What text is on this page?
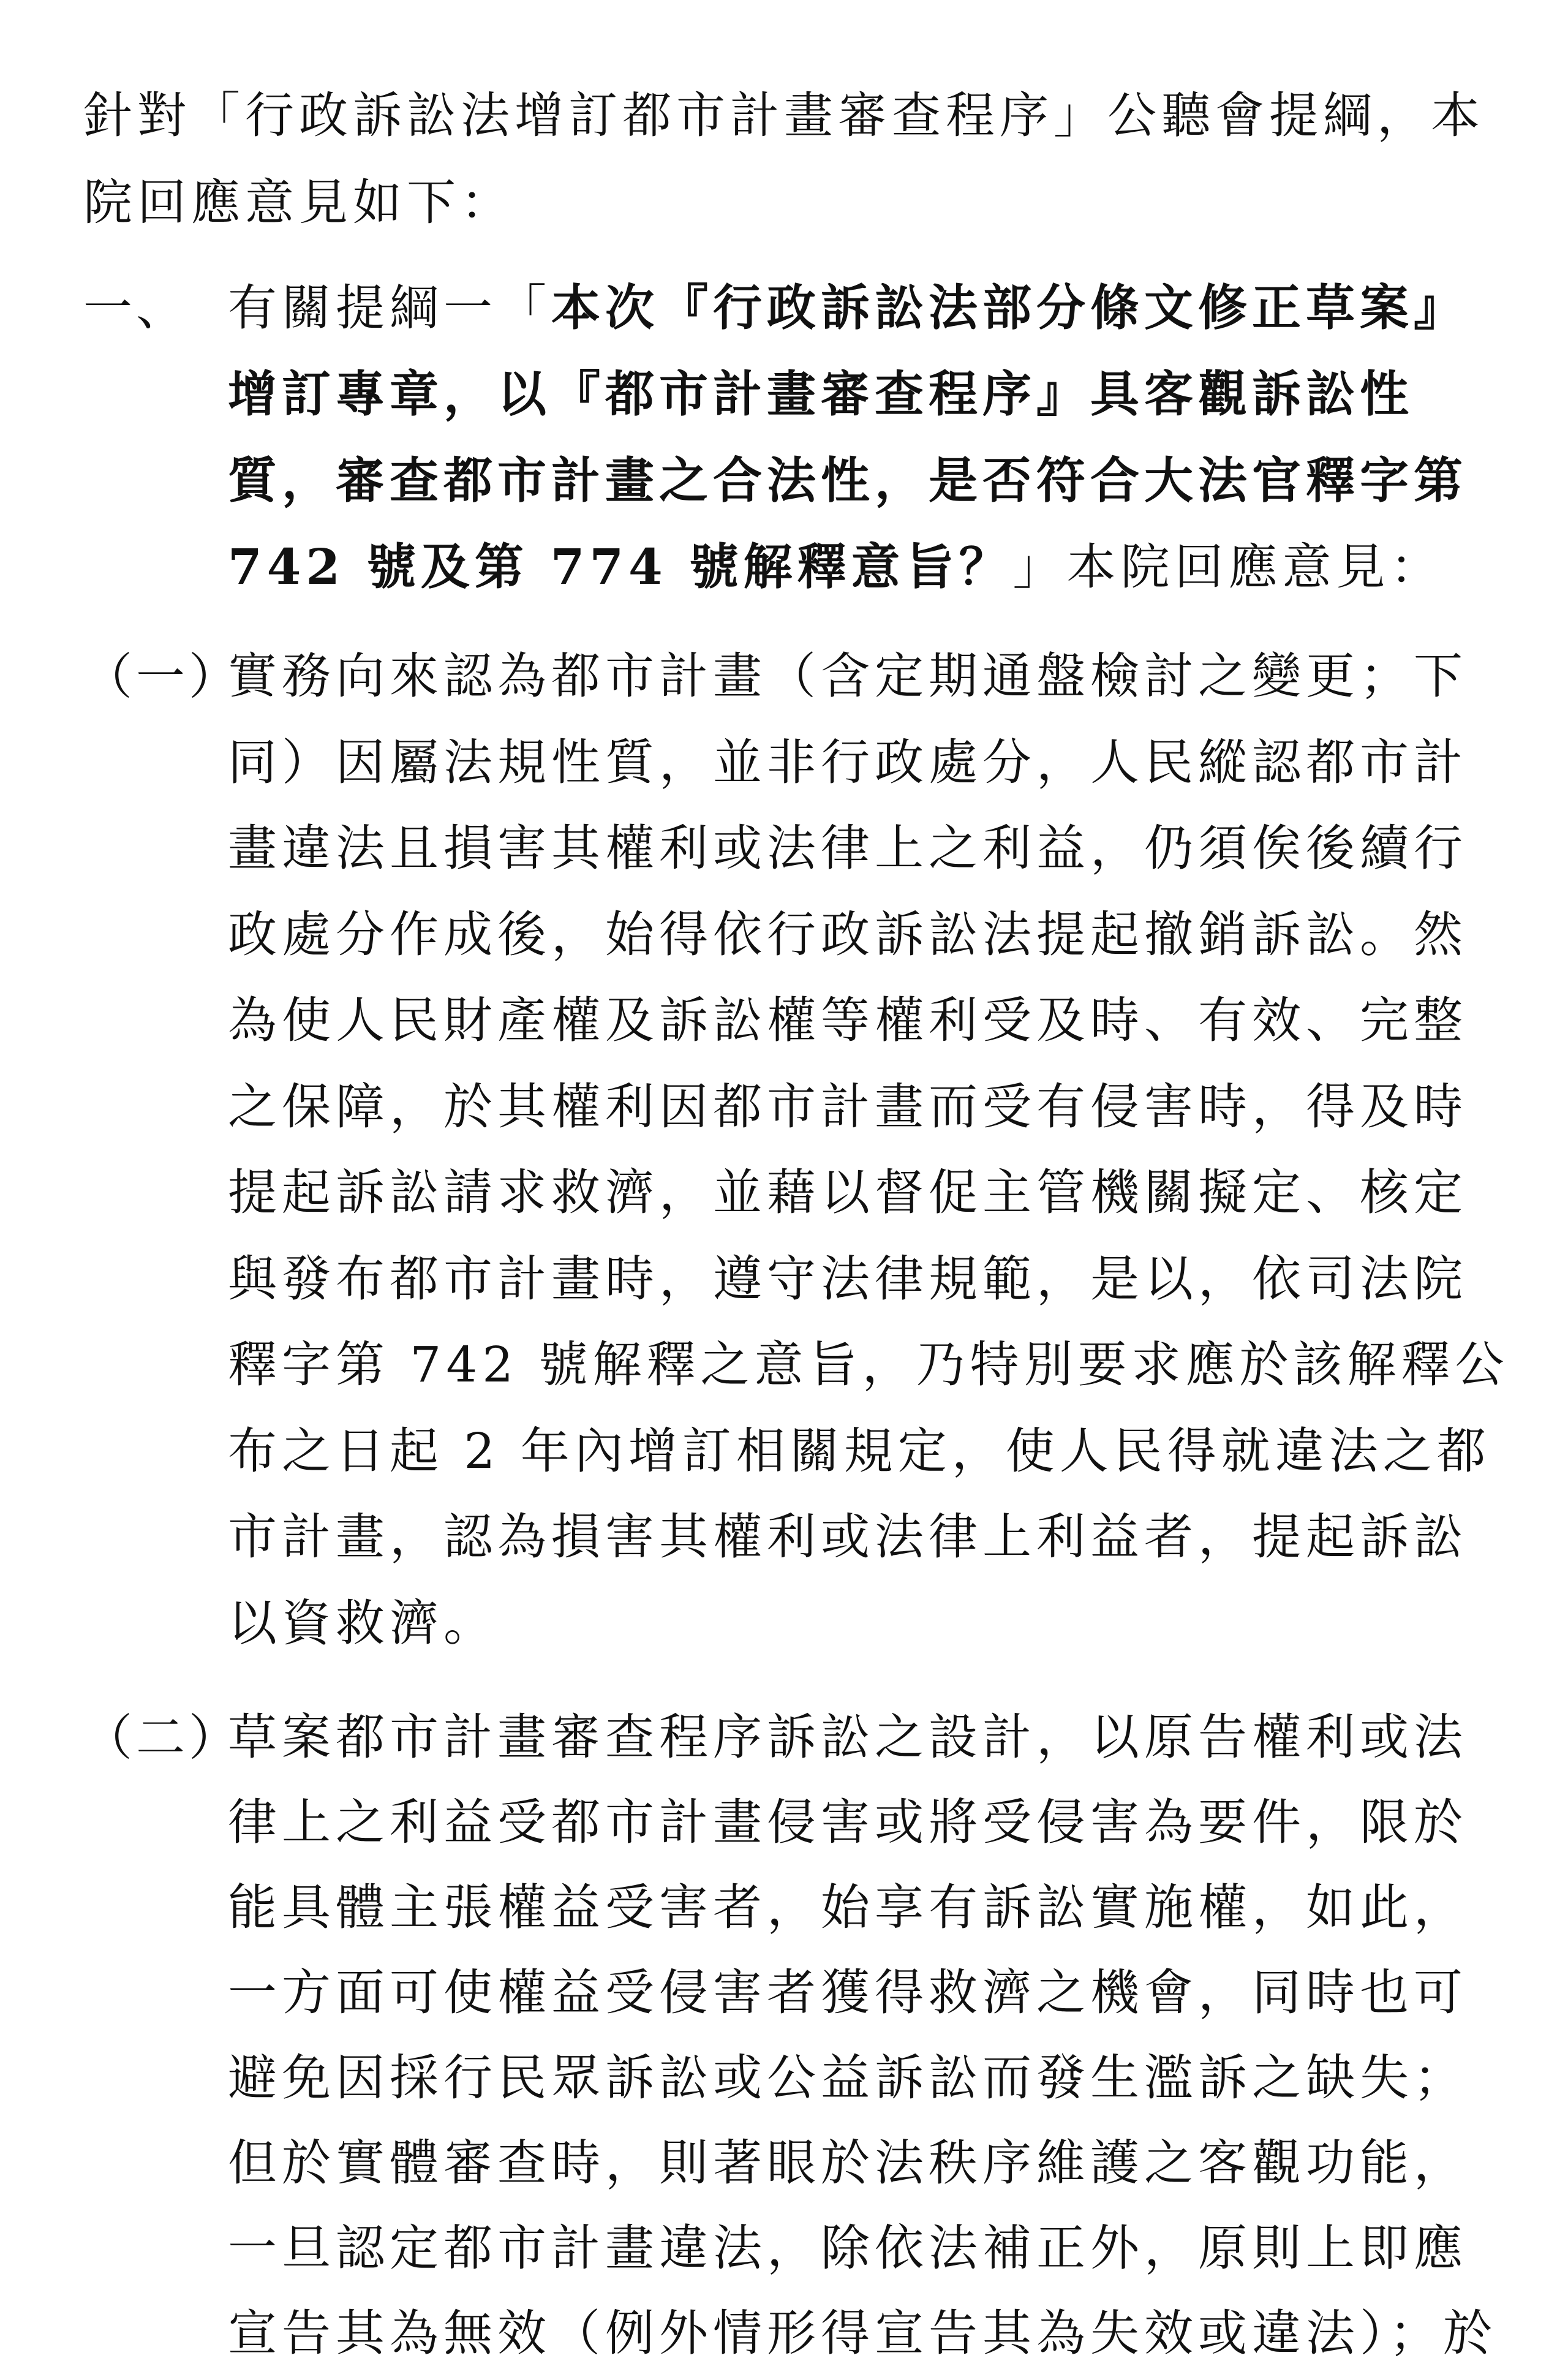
針對「行政訴訟法增訂都市計畫審查程序」公聽會提綱，本院回應意見如下：

一、 有關提綱一「本次『行政訴訟法部分條文修正草案』增訂專章，以『都市計畫審查程序』具客觀訴訟性質，審查都市計畫之合法性，是否符合大法官釋字第 742 號及第 774 號解釋意旨？」本院回應意見：
（一）
實務向來認為都市計畫（含定期通盤檢討之變更；下同）因屬法規性質，並非行政處分，人民縱認都市計畫違法且損害其權利或法律上之利益，仍須俟後續行政處分作成後，始得依行政訴訟法提起撤銷訴訟。然為使人民財產權及訴訟權等權利受及時、有效、完整之保障，於其權利因都市計畫而受有侵害時，得及時提起訴訟請求救濟，並藉以督促主管機關擬定、核定與發布都市計畫時，遵守法律規範，是以，依司法院釋字第 742 號解釋之意旨，乃特別要求應於該解釋公布之日起 2 年內增訂相關規定，使人民得就違法之都市計畫，認為損害其權利或法律上利益者，提起訴訟以資救濟。
（二）
草案都市計畫審查程序訴訟之設計，以原告權利或法律上之利益受都市計畫侵害或將受侵害為要件，限於能具體主張權益受害者，始享有訴訟實施權，如此，一方面可使權益受侵害者獲得救濟之機會，同時也可避免因採行民眾訴訟或公益訴訟而發生濫訴之缺失；但於實體審查時，則著眼於法秩序維護之客觀功能，一旦認定都市計畫違法，除依法補正外，原則上即應宣告其為無效（例外情形得宣告其為失效或違法）；於
